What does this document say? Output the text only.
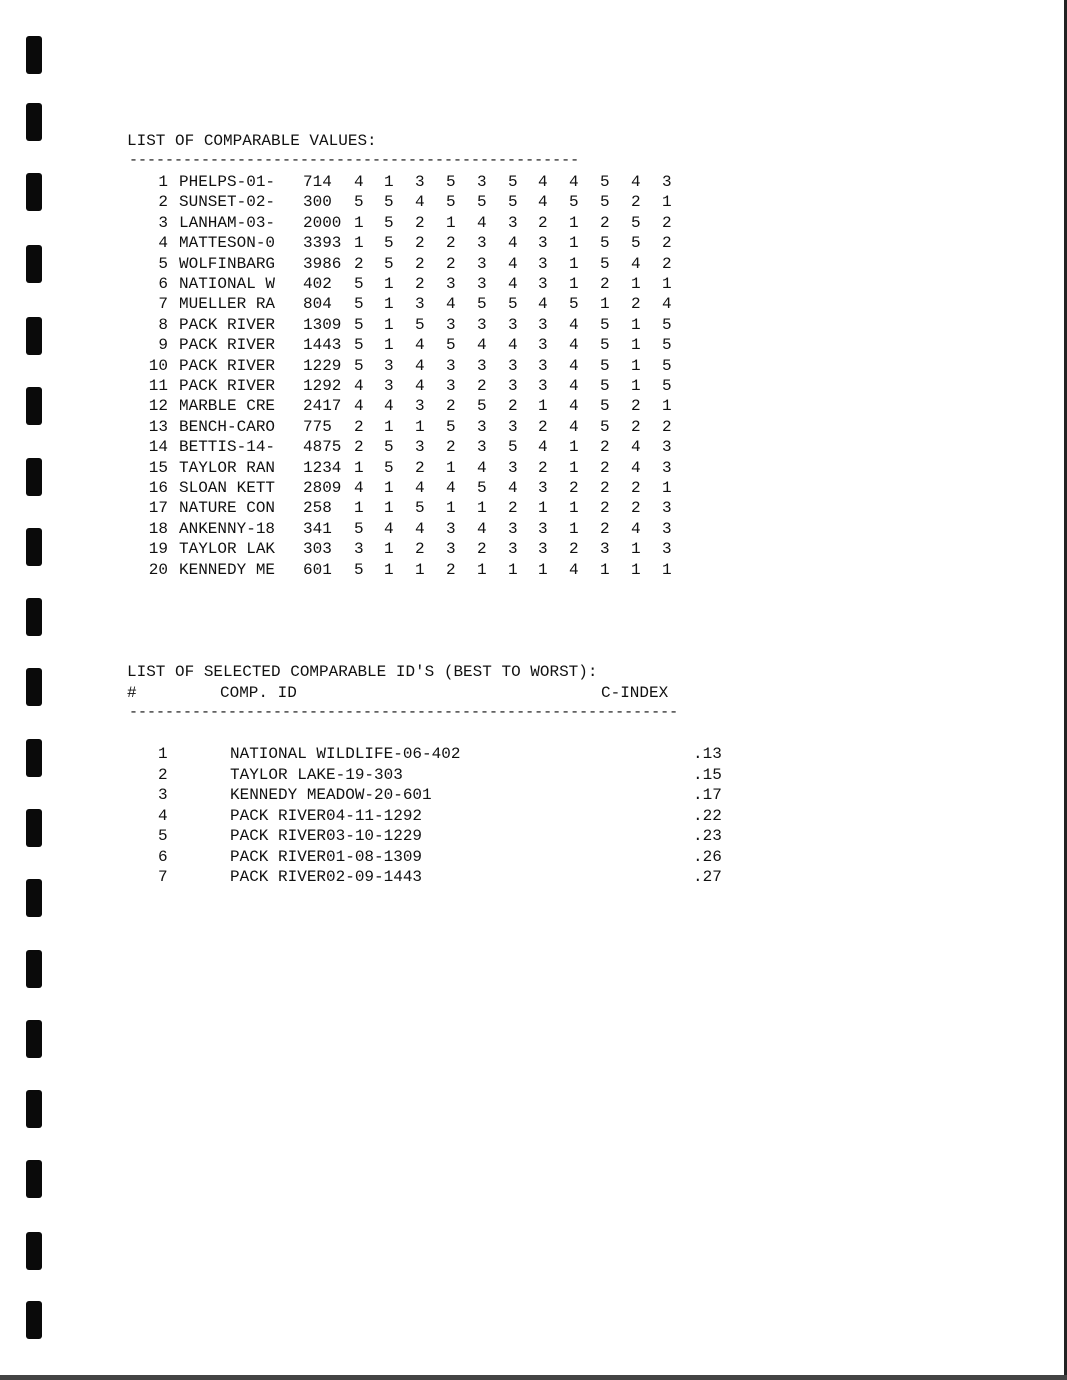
LIST OF COMPARABLE VALUES:
--------------------------------------------------
1 PHELPS-01- 714 4 1 3 5 3 5 4 4 5 4 3
2 SUNSET-02- 300 5 5 4 5 5 5 4 5 5 2 1
3 LANHAM-03- 2000 1 5 2 1 4 3 2 1 2 5 2
4 MATTESON-0 3393 1 5 2 2 3 4 3 1 5 5 2
5 WOLFINBARG 3986 2 5 2 2 3 4 3 1 5 4 2
6 NATIONAL W 402 5 1 2 3 3 4 3 1 2 1 1
7 MUELLER RA 804 5 1 3 4 5 5 4 5 1 2 4
8 PACK RIVER 1309 5 1 5 3 3 3 3 4 5 1 5
9 PACK RIVER 1443 5 1 4 5 4 4 3 4 5 1 5
10 PACK RIVER 1229 5 3 4 3 3 3 3 4 5 1 5
11 PACK RIVER 1292 4 3 4 3 2 3 3 4 5 1 5
12 MARBLE CRE 2417 4 4 3 2 5 2 1 4 5 2 1
13 BENCH-CARO 775 2 1 1 5 3 3 2 4 5 2 2
14 BETTIS-14- 4875 2 5 3 2 3 5 4 1 2 4 3
15 TAYLOR RAN 1234 1 5 2 1 4 3 2 1 2 4 3
16 SLOAN KETT 2809 4 1 4 4 5 4 3 2 2 2 1
17 NATURE CON 258 1 1 5 1 1 2 1 1 2 2 3
18 ANKENNY-18 341 5 4 4 3 4 3 3 1 2 4 3
19 TAYLOR LAK 303 3 1 2 3 2 3 3 2 3 1 3
20 KENNEDY ME 601 5 1 1 2 1 1 1 4 1 1 1
LIST OF SELECTED COMPARABLE ID'S (BEST TO WORST):
#	COMP. ID	C-INDEX
-------------------------------------------------------------
1	NATIONAL WILDLIFE-06-402	.13
2	TAYLOR LAKE-19-303	.15
3	KENNEDY MEADOW-20-601	.17
4	PACK RIVER04-11-1292	.22
5	PACK RIVER03-10-1229	.23
6	PACK RIVER01-08-1309	.26
7	PACK RIVER02-09-1443	.27
